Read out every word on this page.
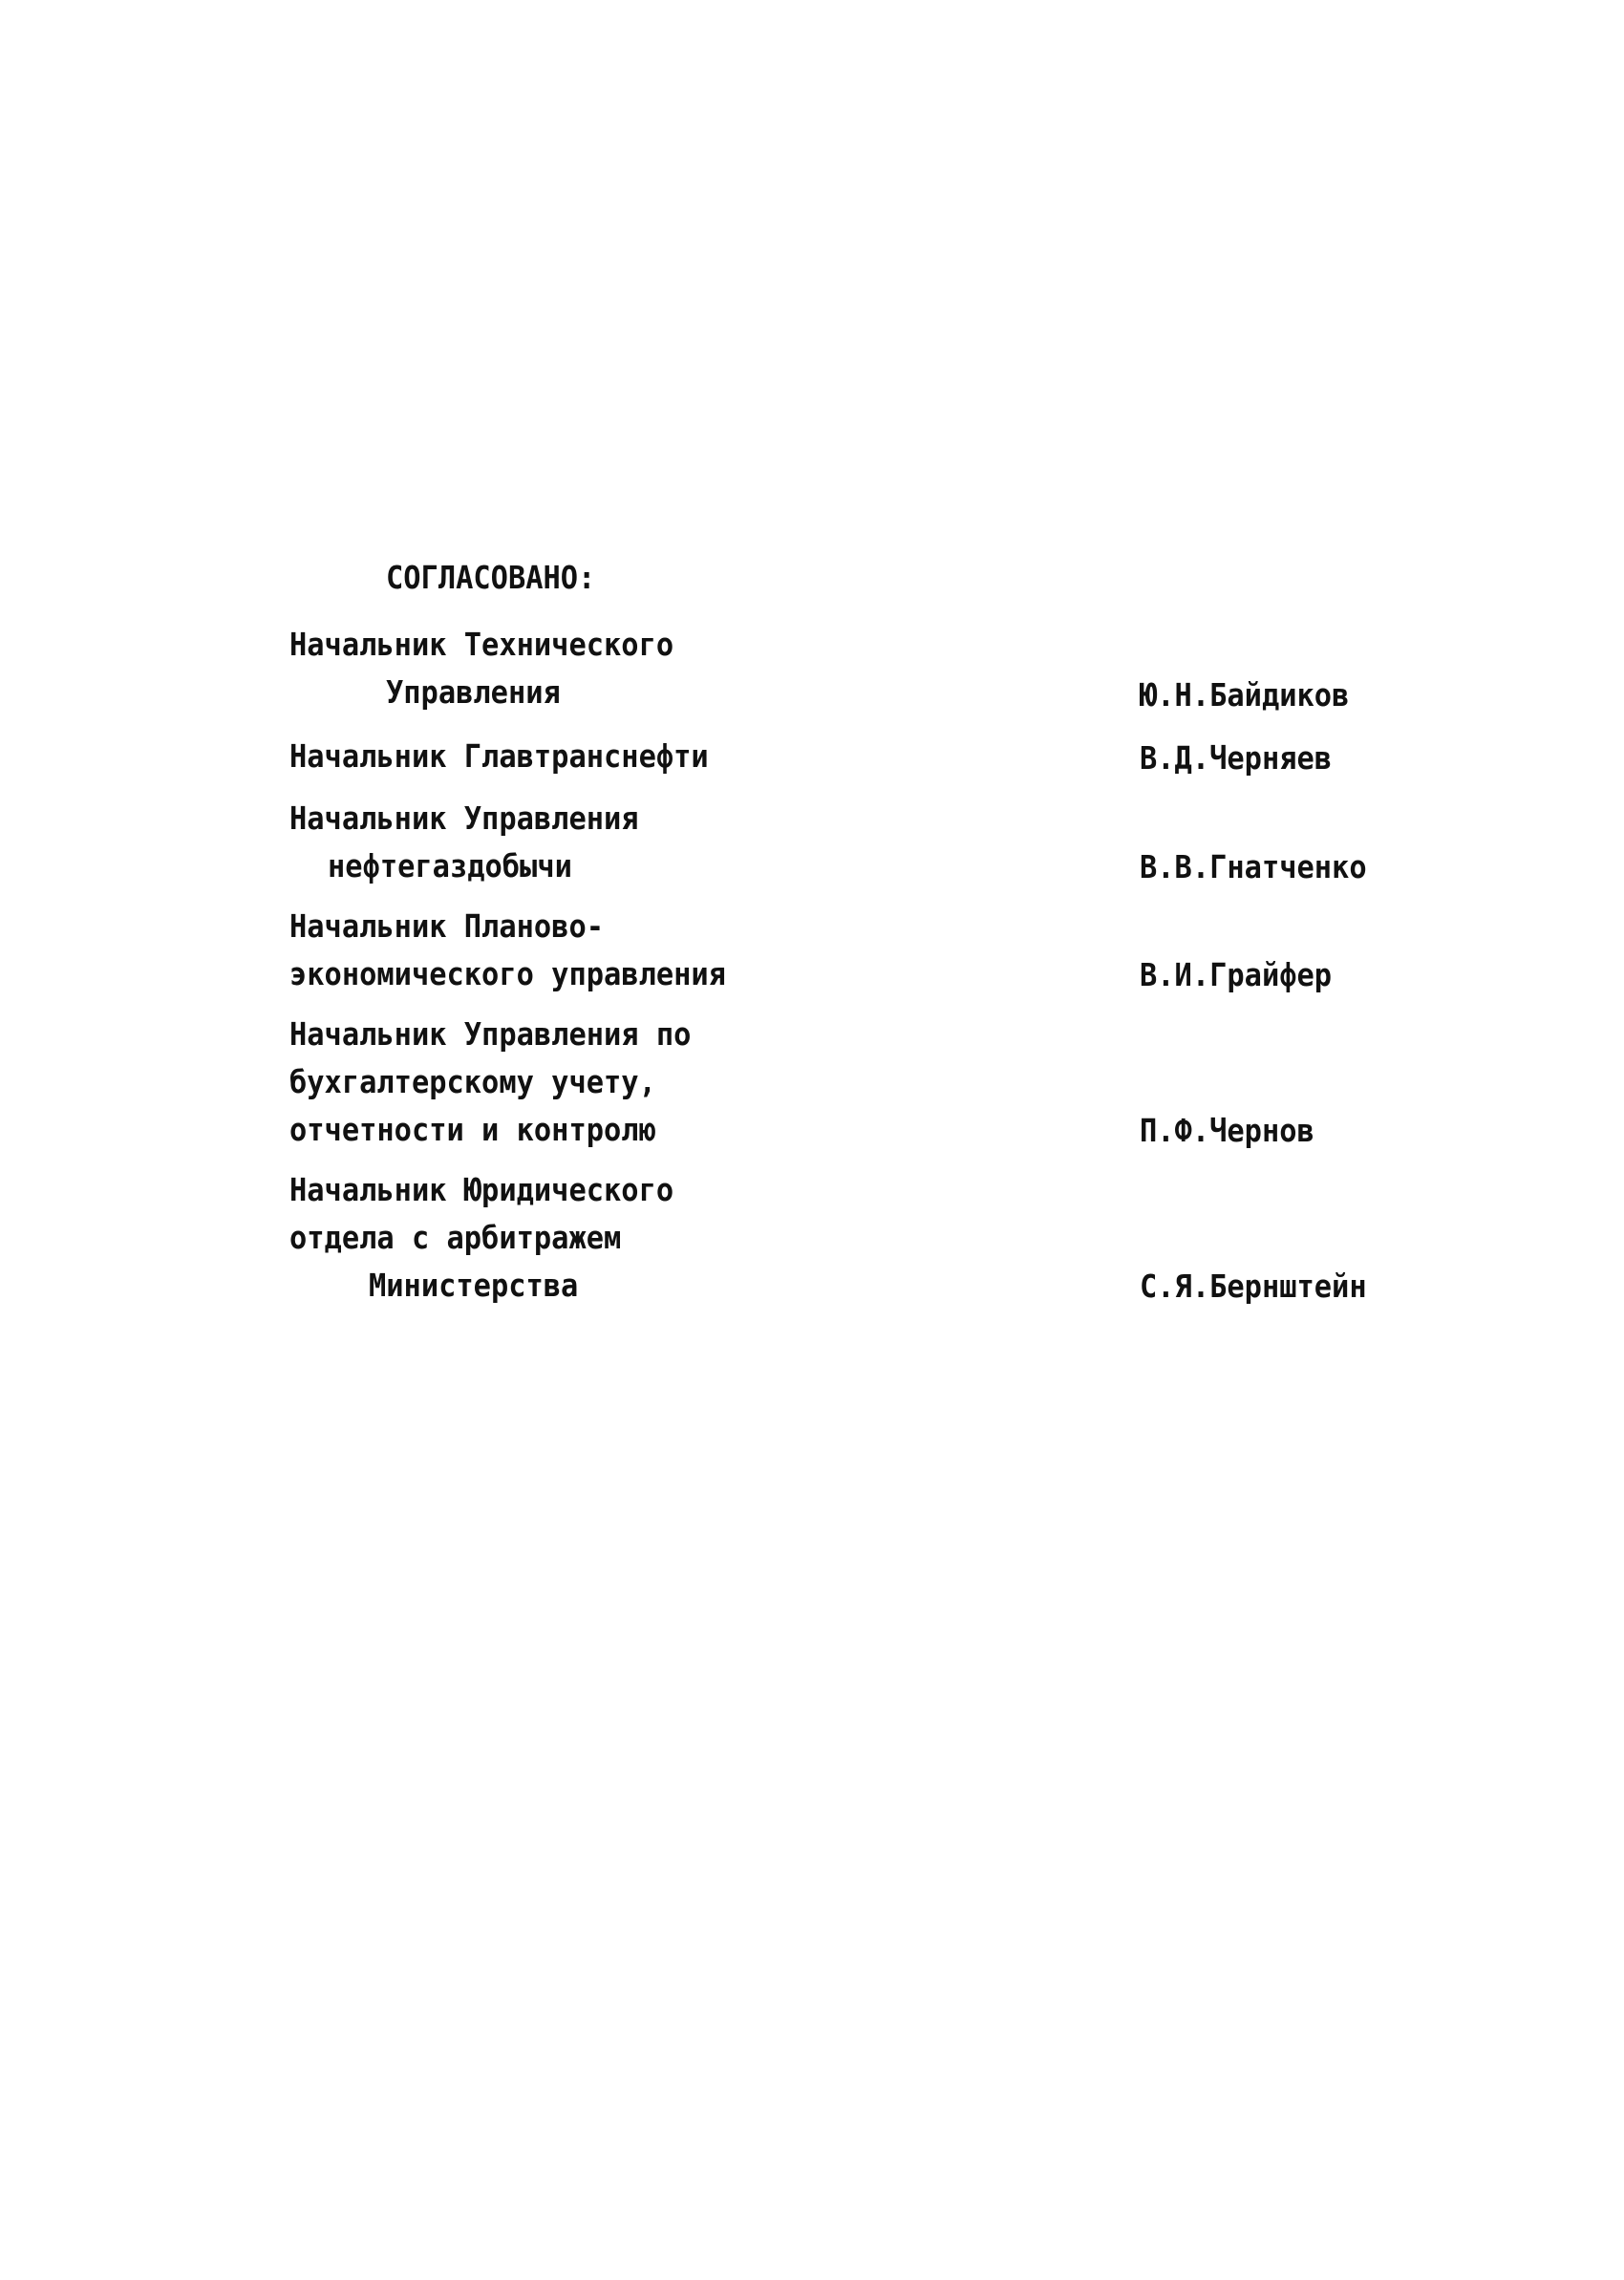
СОГЛАСОВАНО:
Начальник Технического
Управления	Ю.Н.Байдиков
Начальник Главтранснефти	В.Д.Черняев
Начальник Управления
нефтегаздобычи	В.В.Гнатченко
Начальник Планово-
экономического управления	В.И.Грайфер
Начальник Управления по
бухгалтерскому учету,
отчетности и контролю	П.Ф.Чернов
Начальник Юридического
отдела с арбитражем
Министерства	С.Я.Бернштейн
